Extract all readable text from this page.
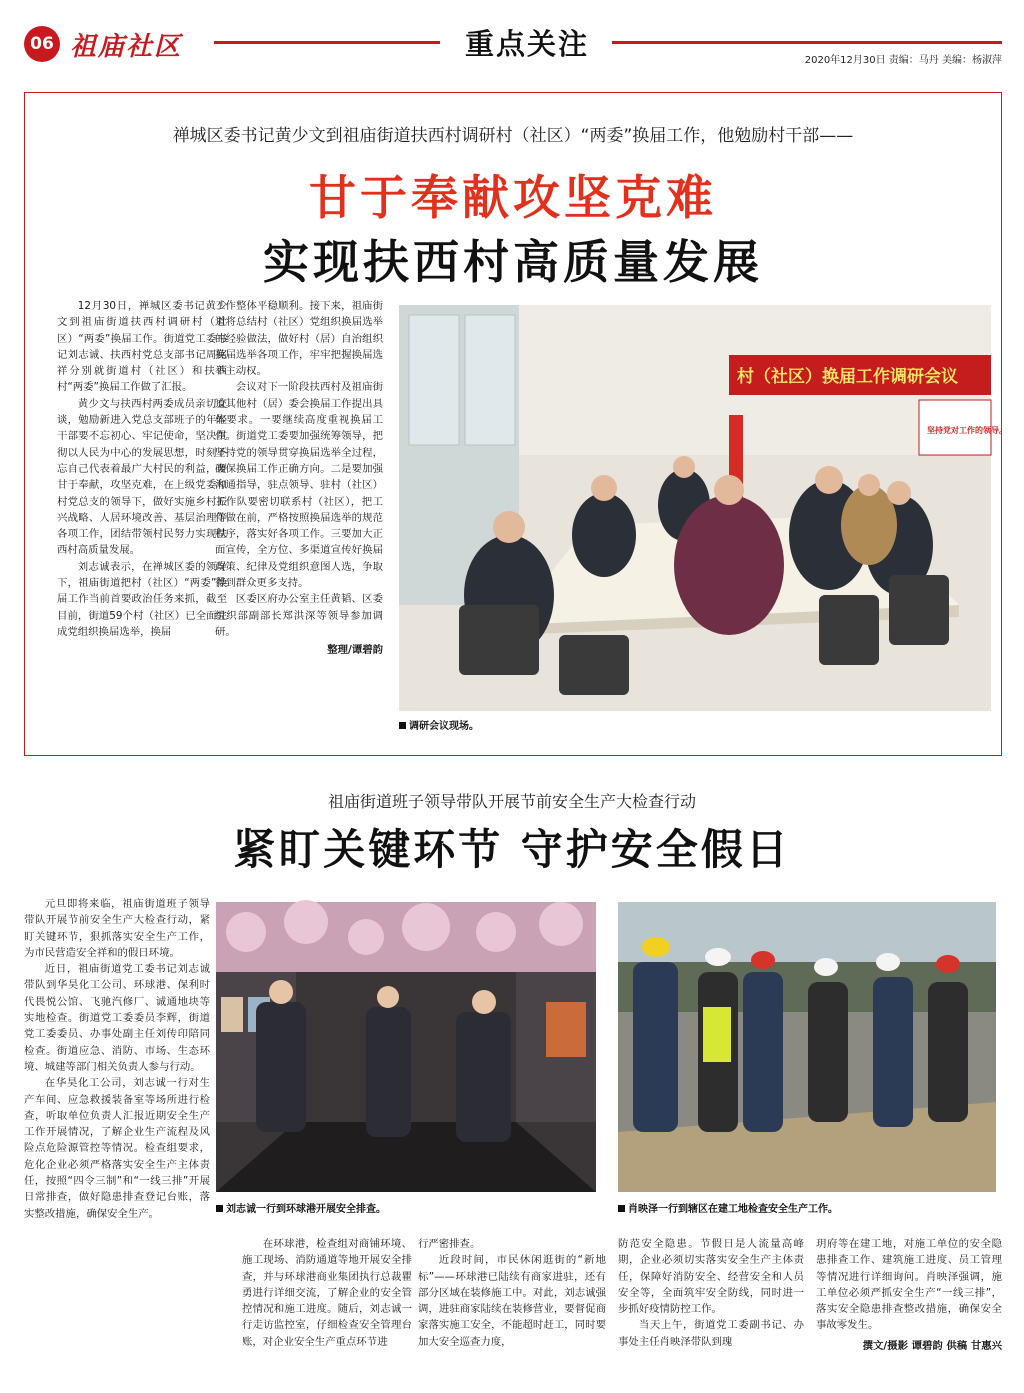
06 祖庙社区	重点关注	2020年12月30日 责编：马丹 美编：杨淑萍
禅城区委书记黄少文到祖庙街道扶西村调研村（社区）“两委”换届工作，他勉励村干部——
甘于奉献攻坚克难
实现扶西村高质量发展

12月30日，禅城区委书记黄少文到祖庙街道扶西村调研村（社区）“两委”换届工作。街道党工委书记刘志诚、扶西村党总支部书记周铭祥分别就街道村（社区）和扶西村“两委”换届工作做了汇报。

黄少文与扶西村两委成员亲切交谈，勉励新进入党总支部班子的年轻干部要不忘初心、牢记使命，坚决贯彻以人民为中心的发展思想，时刻不忘自己代表着最广大村民的利益，要甘于奉献，攻坚克难，在上级党委和村党总支的领导下，做好实施乡村振兴战略、人居环境改善、基层治理等各项工作，团结带领村民努力实现扶西村高质量发展。

刘志诚表示，在禅城区委的领导下，祖庙街道把村（社区）“两委”换届工作当前首要政治任务来抓，截至目前，街道59个村（社区）已全面完成党组织换届选举，换届

工作整体平稳顺利。接下来，祖庙街道将总结村（社区）党组织换届选举的经验做法，做好村（居）自治组织换届选举各项工作，牢牢把握换届选举主动权。

会议对下一阶段扶西村及祖庙街道其他村（居）委会换届工作提出具体要求。一要继续高度重视换届工作。街道党工委要加强统筹领导，把坚持党的领导贯穿换届选举全过程，确保换届工作正确方向。二是要加强沟通指导，驻点领导、驻村（社区）工作队要密切联系村（社区），把工作做在前，严格按照换届选举的规范程序，落实好各项工作。三要加大正面宣传，全方位、多渠道宣传好换届政策、纪律及党组织意图人选，争取得到群众更多支持。

区委区府办公室主任黄韬、区委组织部副部长郑洪深等领导参加调研。

整理/谭碧韵

村（社区）换届工作调研会议
坚持党对工作的领导。
调研会议现场。
祖庙街道班子领导带队开展节前安全生产大检查行动
紧盯关键环节 守护安全假日

元旦即将来临，祖庙街道班子领导带队开展节前安全生产大检查行动，紧盯关键环节，狠抓落实安全生产工作，为市民营造安全祥和的假日环境。

近日，祖庙街道党工委书记刘志诚带队到华昊化工公司、环球港、保利时代畏悦公馆、飞驰汽修厂、诚通地块等实地检查。街道党工委委员李辉，街道党工委委员、办事处副主任刘传印陪同检查。街道应急、消防、市场、生态环境、城建等部门相关负责人参与行动。

在华昊化工公司，刘志诚一行对生产车间、应急救援装备室等场所进行检查，听取单位负责人汇报近期安全生产工作开展情况，了解企业生产流程及风险点危险源管控等情况。检查组要求，危化企业必须严格落实安全生产主体责任，按照“四令三制”和“一线三排”开展日常排查，做好隐患排查登记台账，落实整改措施，确保安全生产。	刘志诚一行到环球港开展安全排查。	肖映泽一行到辖区在建工地检查安全生产工作。

在环球港，检查组对商铺环境、施工现场、消防通道等地开展安全排查，并与环球港商业集团执行总裁瞿勇进行详细交流，了解企业的安全管控情况和施工进度。随后，刘志诚一行走访监控室，仔细检查安全管理台账，对企业安全生产重点环节进

行严密排查。

近段时间，市民休闲逛街的“新地标”——环球港已陆续有商家进驻，还有部分区域在装修施工中。对此，刘志诚强调，进驻商家陆续在装修营业，要督促商家落实施工安全，不能超时赶工，同时要加大安全巡查力度，

防范安全隐患。节假日是人流量高峰期，企业必须切实落实安全生产主体责任，保障好消防安全、经营安全和人员安全等，全面筑牢安全防线，同时进一步抓好疫情防控工作。

当天上午，街道党工委副书记、办事处主任肖映泽带队到瑰

玥府等在建工地，对施工单位的安全隐患排查工作、建筑施工进度、员工管理等情况进行详细询问。肖映泽强调，施工单位必须严抓安全生产“一线三排”，落实安全隐患排查整改措施，确保安全事故零发生。

撰文/摄影 谭碧韵 供稿 甘惠兴
